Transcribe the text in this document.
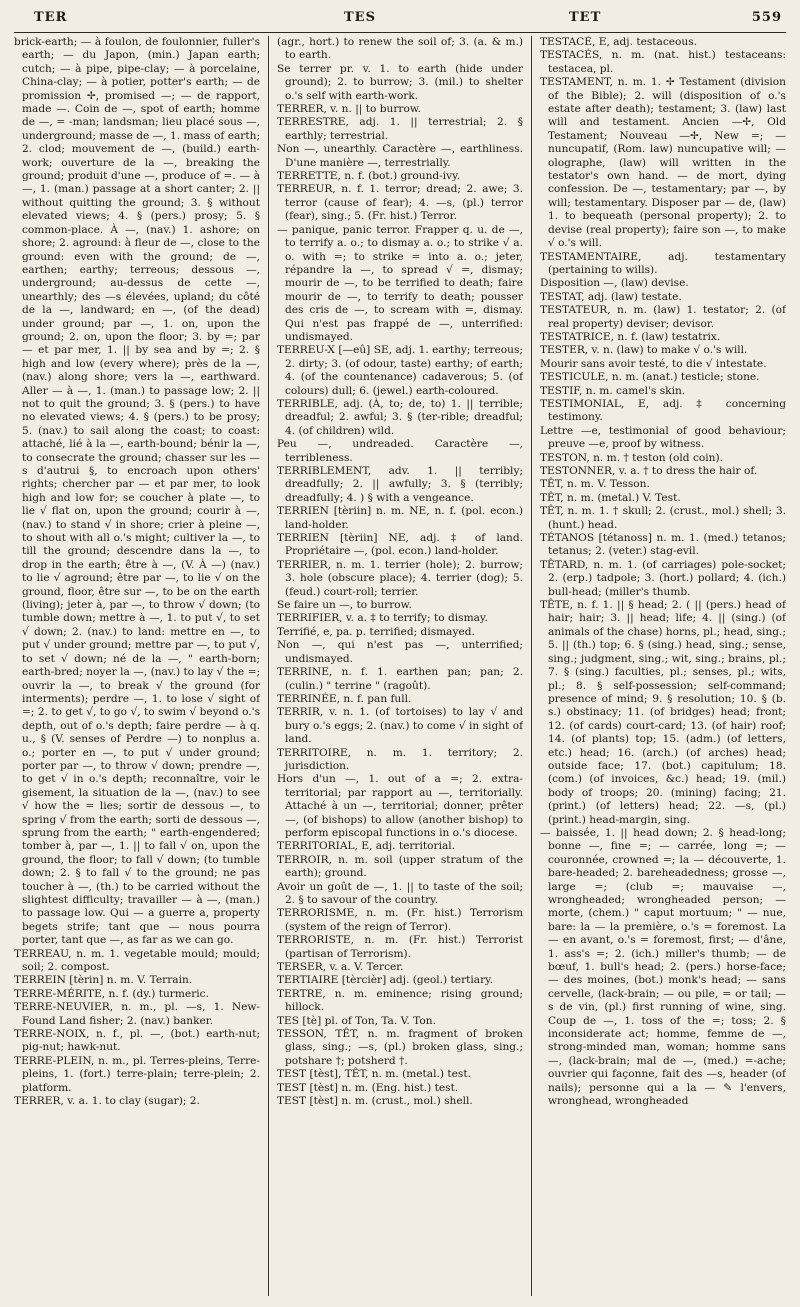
TER	TES	TET	559

brick-earth; — à foulon, de foulonnier, fuller's earth; — du Japon, (min.) Japan earth; cutch; — à pipe, pipe-clay; — à porcelaine, China-clay; — à potier, potter's earth; — de promission ✢, promised —; — de rapport, made —. Coin de —, spot of earth; homme de —, = -man; landsman; lieu placé sous —, underground; masse de —, 1. mass of earth; 2. clod; mouvement de —, (build.) earth-work; ouverture de la —, breaking the ground; produit d'une —, produce of =. — à —, 1. (man.) passage at a short canter; 2. || without quitting the ground; 3. § without elevated views; 4. § (pers.) prosy; 5. § common-place. À —, (nav.) 1. ashore; on shore; 2. aground: à fleur de —, close to the ground: even with the ground; de —, earthen; earthy; terreous; dessous —, underground; au-dessus de cette —, unearthly; des —s élevées, upland; du côté de la —, landward; en —, (of the dead) under ground; par —, 1. on, upon the ground; 2. on, upon the floor; 3. by =; par — et par mer, 1. || by sea and by =; 2. § high and low (every where); près de la —, (nav.) along shore; vers la —, earthward. Aller — à —, 1. (man.) to passage low; 2. || not to quit the ground; 3. § (pers.) to have no elevated views; 4. § (pers.) to be prosy; 5. (nav.) to sail along the coast; to coast: attaché, lié à la —, earth-bound; bénir la —, to consecrate the ground; chasser sur les —s d'autrui §, to encroach upon others' rights; chercher par — et par mer, to look high and low for; se coucher à plate —, to lie √ flat on, upon the ground; courir à —, (nav.) to stand √ in shore; crier à pleine —, to shout with all o.'s might; cultiver la —, to till the ground; descendre dans la —, to drop in the earth; être à —, (V. À —) (nav.) to lie √ aground; être par —, to lie √ on the ground, floor, être sur —, to be on the earth (living); jeter à, par —, to throw √ down; (to tumble down; mettre à —, 1. to put √, to set √ down; 2. (nav.) to land: mettre en —, to put √ under ground; mettre par —, to put √, to set √ down; né de la —, " earth-born; earth-bred; noyer la —, (nav.) to lay √ the =; ouvrir la —, to break √ the ground (for interments); perdre —, 1. to lose √ sight of =; 2. to get √, to go √, to swim √ beyond o.'s depth, out of o.'s depth; faire perdre — à q. u., § (V. senses of Perdre —) to nonplus a. o.; porter en —, to put √ under ground; porter par —, to throw √ down; prendre —, to get √ in o.'s depth; reconnaître, voir le gisement, la situation de la —, (nav.) to see √ how the = lies; sortir de dessous —, to spring √ from the earth; sorti de dessous —, sprung from the earth; " earth-engendered; tomber à, par —, 1. || to fall √ on, upon the ground, the floor; to fall √ down; (to tumble down; 2. § to fall √ to the ground; ne pas toucher à —, (th.) to be carried without the slightest difficulty; travailler — à —, (man.) to passage low. Qui — a guerre a, property begets strife; tant que — nous pourra porter, tant que —, as far as we can go.

TERREAU, n. m. 1. vegetable mould; mould; soil; 2. compost.

TERREIN [tèrin] n. m. V. Terrain.

TERRE-MÉRITE, n. f. (dy.) turmeric.

TERRE-NEUVIER, n. m., pl. —s, 1. New-Found Land fisher; 2. (nav.) banker.

TERRE-NOIX, n. f., pl. —, (bot.) earth-nut; pig-nut; hawk-nut.

TERRE-PLEIN, n. m., pl. Terres-pleins, Terre-pleins, 1. (fort.) terre-plain; terre-plein; 2. platform.

TERRER, v. a. 1. to clay (sugar); 2.

(agr., hort.) to renew the soil of; 3. (a. & m.) to earth.

Se terrer pr. v. 1. to earth (hide under ground); 2. to burrow; 3. (mil.) to shelter o.'s self with earth-work.

TERRER, v. n. || to burrow.

TERRESTRE, adj. 1. || terrestrial; 2. § earthly; terrestrial.

Non —, unearthly. Caractère —, earthliness. D'une manière —, terrestrially.

TERRETTE, n. f. (bot.) ground-ivy.

TERREUR, n. f. 1. terror; dread; 2. awe; 3. terror (cause of fear); 4. —s, (pl.) terror (fear), sing.; 5. (Fr. hist.) Terror.

— panique, panic terror. Frapper q. u. de —, to terrify a. o.; to dismay a. o.; to strike √ a. o. with =; to strike = into a. o.; jeter, répandre la —, to spread √ =, dismay; mourir de —, to be terrified to death; faire mourir de —, to terrify to death; pousser des cris de —, to scream with =, dismay. Qui n'est pas frappé de —, unterrified: undismayed.

TERREU-X [—eû] SE, adj. 1. earthy; terreous; 2. dirty; 3. (of odour, taste) earthy; of earth; 4. (of the countenance) cadaverous; 5. (of colours) dull; 6. (jewel.) earth-coloured.

TERRIBLE, adj. (À, to; de, to) 1. || terrible; dreadful; 2. awful; 3. § (ter-rible; dreadful; 4. (of children) wild.

Peu —, undreaded. Caractère —, terribleness.

TERRIBLEMENT, adv. 1. || terribly; dreadfully; 2. || awfully; 3. § (terribly; dreadfully; 4. ) § with a vengeance.

TERRIEN [tèriin] n. m. NE, n. f. (pol. econ.) land-holder.

TERRIEN [tèriin] NE, adj. ‡ of land. Propriétaire —, (pol. econ.) land-holder.

TERRIER, n. m. 1. terrier (hole); 2. burrow; 3. hole (obscure place); 4. terrier (dog); 5. (feud.) court-roll; terrier.

Se faire un —, to burrow.

TERRIFIER, v. a. ‡ to terrify; to dismay.

Terrifié, e, pa. p. terrified; dismayed.

Non —, qui n'est pas —, unterrified; undismayed.

TERRINE, n. f. 1. earthen pan; pan; 2. (culin.) " terrine " (ragoût).

TERRINÉE, n. f. pan full.

TERRIR, v. n. 1. (of tortoises) to lay √ and bury o.'s eggs; 2. (nav.) to come √ in sight of land.

TERRITOIRE, n. m. 1. territory; 2. jurisdiction.

Hors d'un —, 1. out of a =; 2. extra-territorial; par rapport au —, territorially. Attaché à un —, territorial; donner, prêter —, (of bishops) to allow (another bishop) to perform episcopal functions in o.'s diocese.

TERRITORIAL, E, adj. territorial.

TERROIR, n. m. soil (upper stratum of the earth); ground.

Avoir un goût de —, 1. || to taste of the soil; 2. § to savour of the country.

TERRORISME, n. m. (Fr. hist.) Terrorism (system of the reign of Terror).

TERRORISTE, n. m. (Fr. hist.) Terrorist (partisan of Terrorism).

TERSER, v. a. V. Tercer.

TERTIAIRE [tèrcièr] adj. (geol.) tertiary.

TERTRE, n. m. eminence; rising ground; hillock.

TES [tè] pl. of Ton, Ta. V. Ton.

TESSON, TÊT, n. m. fragment of broken glass, sing.; —s, (pl.) broken glass, sing.; potshare †; potsherd †.

TEST [tèst], TÊT, n. m. (metal.) test.

TEST [tèst] n. m. (Eng. hist.) test.

TEST [tèst] n. m. (crust., mol.) shell.

TESTACÉ, E, adj. testaceous.

TESTACÉS, n. m. (nat. hist.) testaceans: testacea, pl.

TESTAMENT, n. m. 1. ✢ Testament (division of the Bible); 2. will (disposition of o.'s estate after death); testament; 3. (law) last will and testament. Ancien —✢, Old Testament; Nouveau —✢, New =; — nuncupatif, (Rom. law) nuncupative will; — olographe, (law) will written in the testator's own hand. — de mort, dying confession. De —, testamentary; par —, by will; testamentary. Disposer par — de, (law) 1. to bequeath (personal property); 2. to devise (real property); faire son —, to make √ o.'s will.

TESTAMENTAIRE, adj. testamentary (pertaining to wills).

Disposition —, (law) devise.

TESTAT, adj. (law) testate.

TESTATEUR, n. m. (law) 1. testator; 2. (of real property) deviser; devisor.

TESTATRICE, n. f. (law) testatrix.

TESTER, v. n. (law) to make √ o.'s will.

Mourir sans avoir testé, to die √ intestate.

TESTICULE, n. m. (anat.) testicle; stone.

TESTIF, n. m. camel's skin.

TESTIMONIAL, E, adj. ‡ concerning testimony.

Lettre —e, testimonial of good behaviour; preuve —e, proof by witness.

TESTON, n. m. † teston (old coin).

TESTONNER, v. a. † to dress the hair of.

TÊT, n. m. V. Tesson.

TÊT, n. m. (metal.) V. Test.

TÊT, n. m. 1. † skull; 2. (crust., mol.) shell; 3. (hunt.) head.

TÉTANOS [tétanoss] n. m. 1. (med.) tetanos; tetanus; 2. (veter.) stag-evil.

TÊTARD, n. m. 1. (of carriages) pole-socket; 2. (erp.) tadpole; 3. (hort.) pollard; 4. (ich.) bull-head; (miller's thumb.

TÊTE, n. f. 1. || § head; 2. ( || (pers.) head of hair; hair; 3. || head; life; 4. || (sing.) (of animals of the chase) horns, pl.; head, sing.; 5. || (th.) top; 6. § (sing.) head, sing.; sense, sing.; judgment, sing.; wit, sing.; brains, pl.; 7. § (sing.) faculties, pl.; senses, pl.; wits, pl.; 8. § self-possession; self-command; presence of mind; 9. § resolution; 10. § (b. s.) obstinacy; 11. (of bridges) head; front; 12. (of cards) court-card; 13. (of hair) roof; 14. (of plants) top; 15. (adm.) (of letters, etc.) head; 16. (arch.) (of arches) head; outside face; 17. (bot.) capitulum; 18. (com.) (of invoices, &c.) head; 19. (mil.) body of troops; 20. (mining) facing; 21. (print.) (of letters) head; 22. —s, (pl.) (print.) head-margin, sing.

— baissée, 1. || head down; 2. § head-long; bonne —, fine =; — carrée, long =; — couronnée, crowned =; la — découverte, 1. bare-headed; 2. bareheadedness; grosse —, large =; (club =; mauvaise —, wrongheaded; wrongheaded person; — morte, (chem.) " caput mortuum; " — nue, bare: la — la première, o.'s = foremost. La — en avant, o.'s = foremost, first; — d'âne, 1. ass's =; 2. (ich.) miller's thumb; — de bœuf, 1. bull's head; 2. (pers.) horse-face; — des moines, (bot.) monk's head; — sans cervelle, (lack-brain; — ou pile, = or tail; —s de vin, (pl.) first running of wine, sing. Coup de —, 1. toss of the =; toss; 2. § inconsiderate act; homme, femme de —, strong-minded man, woman; homme sans —, (lack-brain; mal de —, (med.) =-ache; ouvrier qui façonne, fait des —s, header (of nails); personne qui a la — ✎ l'envers, wronghead, wrongheaded
